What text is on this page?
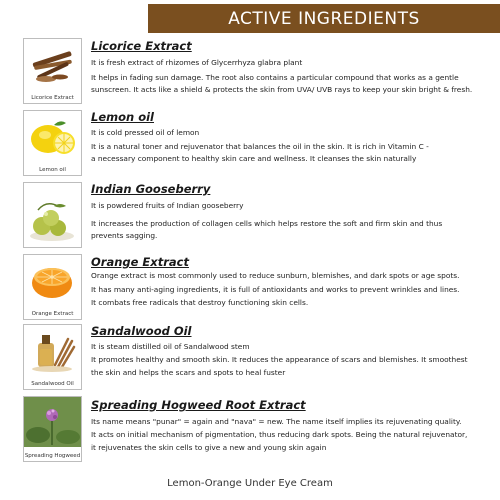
ACTIVE INGREDIENTS
Licorice Extract
Licorice Extract
It is fresh extract of rhizomes of Glycerrhyza glabra plant
It helps in fading sun damage. The root also contains a particular compound that works as a gentle
sunscreen. It acts like a shield & protects the skin from UVA/ UVB rays to keep your skin bright & fresh.
Lemon oil
Lemon oil
It is cold pressed oil of lemon
It is a natural toner and rejuvenator that balances the oil in the skin. It is rich in Vitamin C -
a necessary component to healthy skin care and wellness. It cleanses the skin naturally
Indian Gooseberry
It is powdered fruits of Indian gooseberry
It increases the production of collagen cells which helps restore the soft and firm skin and thus
prevents sagging.
Orange Extract
Orange Extract
Orange extract is most commonly used to reduce sunburn, blemishes, and dark spots or age spots.
It has many anti-aging ingredients, it is full of antioxidants and works to prevent wrinkles and lines.
It combats free radicals that destroy functioning skin cells.
Sandalwood Oil
Sandalwood Oil
It is steam distilled oil of Sandalwood stem
It promotes healthy and smooth skin. It reduces the appearance of scars and blemishes. It smoothest
the skin and helps the scars and spots to heal fuster
Spreading Hogweed
Spreading Hogweed Root Extract
Its name means "punar" = again and "nava" = new. The name itself implies its rejuvenating quality.
It acts on initial mechanism of pigmentation, thus reducing dark spots. Being the natural rejuvenator,
it rejuvenates the skin cells to give a new and young skin again
Lemon-Orange Under Eye Cream
